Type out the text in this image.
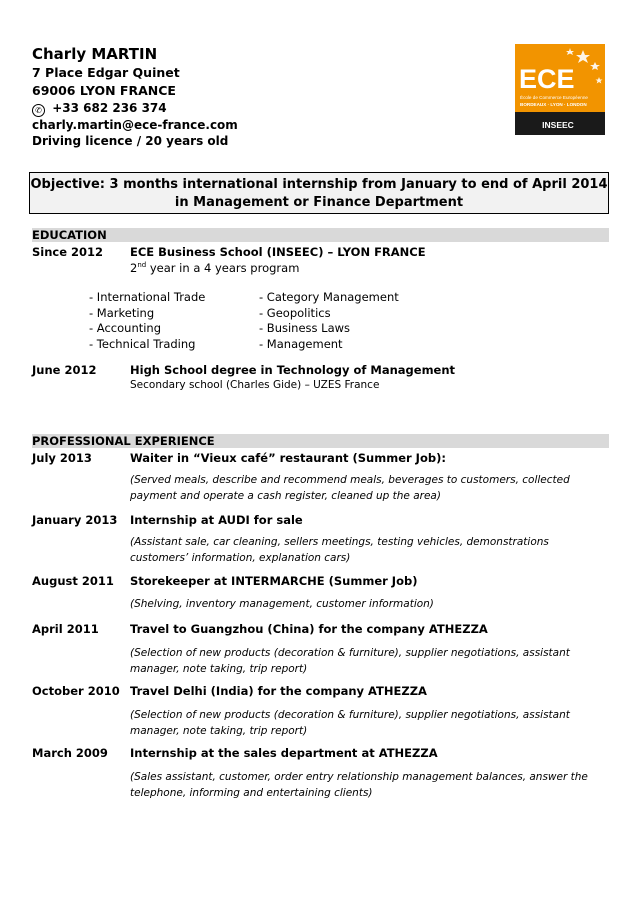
Charly MARTIN
7 Place Edgar Quinet
69006 LYON FRANCE
✆ +33 682 236 374
charly.martin@ece-france.com
Driving licence / 20 years old
ECE
École de Commerce Européenne
BORDEAUX · LYON · LONDON
INSEEC
Objective: 3 months international internship from January to end of April 2014
in Management or Finance Department
EDUCATION
Since 2012 ECE Business School (INSEEC) – LYON FRANCE
2nd year in a 4 years program
- International Trade
- Marketing
- Accounting
- Technical Trading
- Category Management
- Geopolitics
- Business Laws
- Management
June 2012	High School degree in Technology of Management
Secondary school (Charles Gide) – UZES France
PROFESSIONAL EXPERIENCE
July 2013	Waiter in “Vieux café” restaurant (Summer Job):
(Served meals, describe and recommend meals, beverages to customers, collected
payment and operate a cash register, cleaned up the area)
January 2013 Internship at AUDI for sale
(Assistant sale, car cleaning, sellers meetings, testing vehicles, demonstrations
customers’ information, explanation cars)
August 2011 Storekeeper at INTERMARCHE (Summer Job)
(Shelving, inventory management, customer information)
April 2011	Travel to Guangzhou (China) for the company ATHEZZA
(Selection of new products (decoration & furniture), supplier negotiations, assistant
manager, note taking, trip report)
October 2010 Travel Delhi (India) for the company ATHEZZA
(Selection of new products (decoration & furniture), supplier negotiations, assistant
manager, note taking, trip report)
March 2009 Internship at the sales department at ATHEZZA
(Sales assistant, customer, order entry relationship management balances, answer the
telephone, informing and entertaining clients)
